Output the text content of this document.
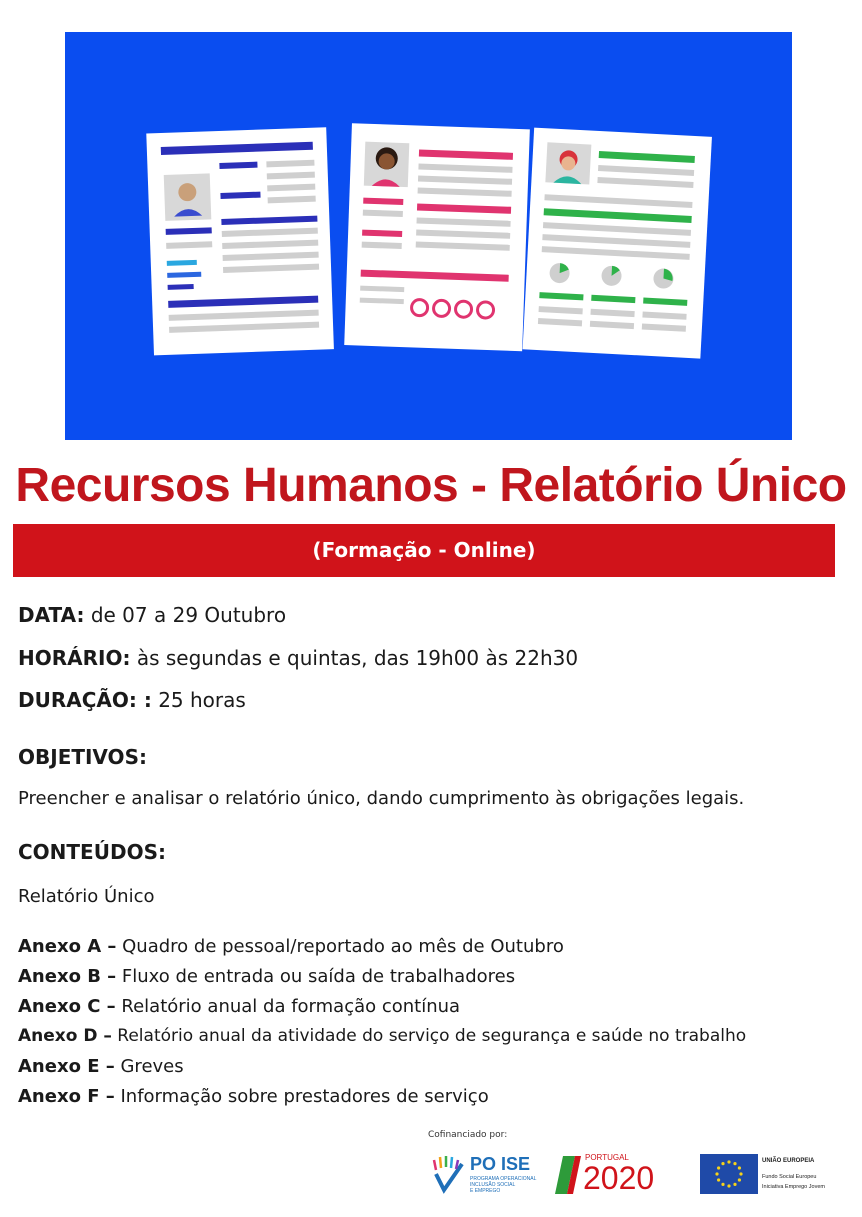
Recursos Humanos - Relatório Único
(Formação - Online)
DATA: de 07 a 29 Outubro
HORÁRIO: às segundas e quintas, das 19h00 às 22h30
DURAÇÃO: : 25 horas
OBJETIVOS:
Preencher e analisar o relatório único, dando cumprimento às obrigações legais.
CONTEÚDOS:
Relatório Único
Anexo A – Quadro de pessoal/reportado ao mês de Outubro
Anexo B – Fluxo de entrada ou saída de trabalhadores
Anexo C – Relatório anual da formação contínua
Anexo D – Relatório anual da atividade do serviço de segurança e saúde no trabalho
Anexo E – Greves
Anexo F – Informação sobre prestadores de serviço
Cofinanciado por:
PO ISE
PROGRAMA OPERACIONAL
INCLUSÃO SOCIAL
E EMPREGO
PORTUGAL
2020	UNIÃO EUROPEIA
Fundo Social Europeu
Iniciativa Emprego Jovem
